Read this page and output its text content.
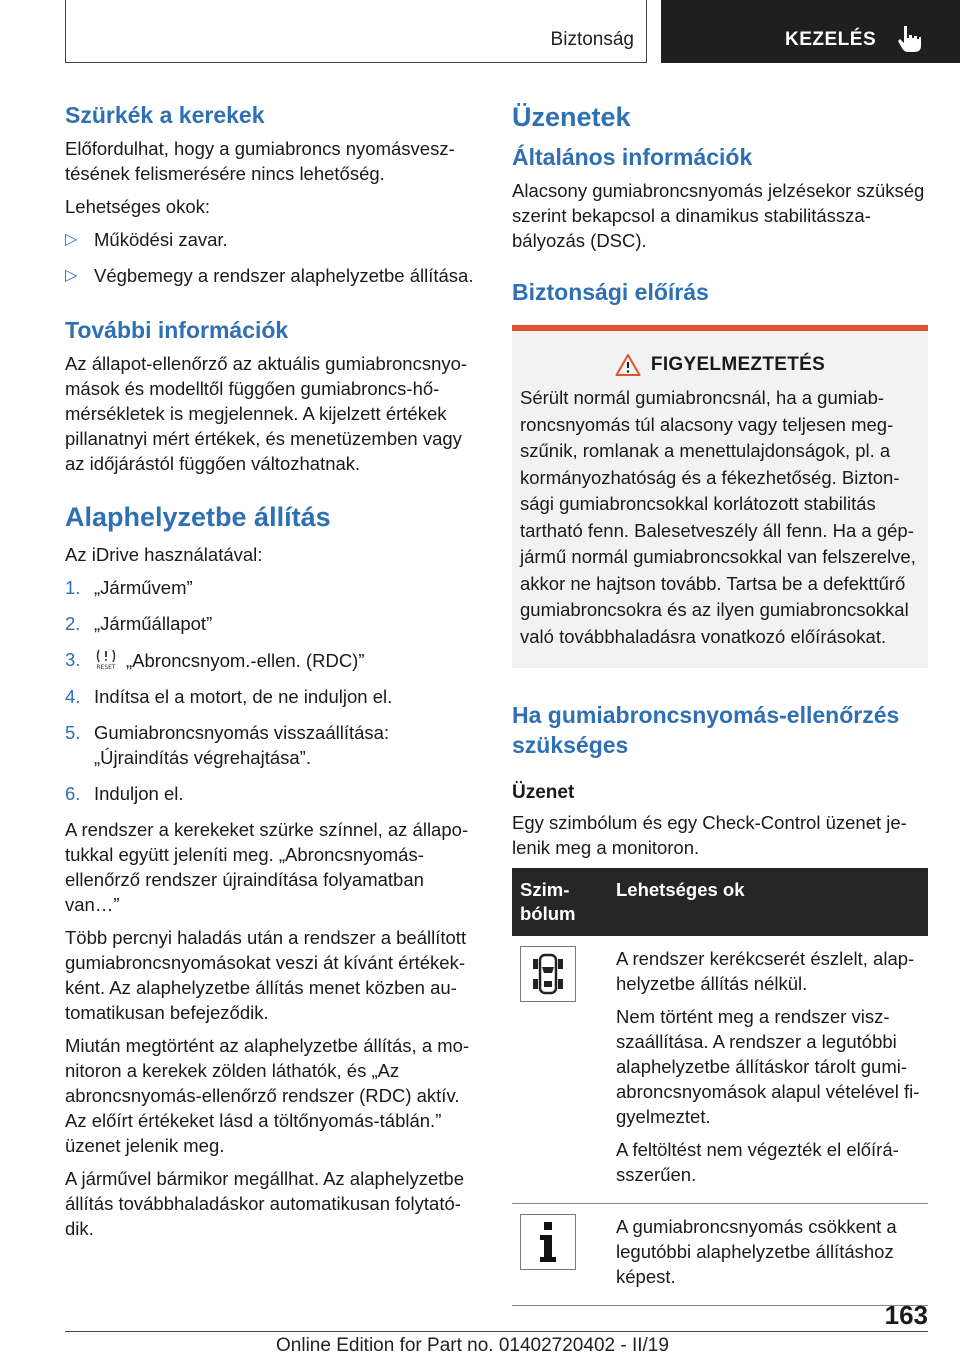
Biztonság	KEZELÉS
Szürkék a kerekek

Előfordulhat, hogy a gumiabroncs nyomásvesztésének felismerésére nincs lehetőség.

Lehetséges okok:

▷ Működési zavar.
▷ Végbemegy a rendszer alaphelyzetbe állítása.
További információk

Az állapot-ellenőrző az aktuális gumiabroncsnyomások és modelltől függően gumiabroncs-hőmérsékletek is megjelennek. A kijelzett értékek pillanatnyi mért értékek, és menetüzemben vagy az időjárástól függően változhatnak.

Alaphelyzetbe állítás

Az iDrive használatával:

1. „Járművem”
2. „Járműállapot”
3.	RESET „Abroncsnyom.-ellen. (RDC)”
4. Indítsa el a motort, de ne induljon el.
5. Gumiabroncsnyomás visszaállítása: „Újraindítás végrehajtása”.
6. Induljon el.

A rendszer a kerekeket szürke színnel, az állapotukkal együtt jeleníti meg. „Abroncsnyomás-ellenőrző rendszer újraindítása folyamatban van…”

Több percnyi haladás után a rendszer a beállított gumiabroncsnyomásokat veszi át kívánt értékekként. Az alaphelyzetbe állítás menet közben automatikusan befejeződik.

Miután megtörtént az alaphelyzetbe állítás, a monitoron a kerekek zölden láthatók, és „Az abroncsnyomás-ellenőrző rendszer (RDC) aktív. Az előírt értékeket lásd a töltőnyomás-táblán.” üzenet jelenik meg.

A járművel bármikor megállhat. Az alaphelyzetbe állítás továbbhaladáskor automatikusan folytatódik.

Üzenetek
Általános információk

Alacsony gumiabroncsnyomás jelzésekor szükség szerint bekapcsol a dinamikus stabilitásszabályozás (DSC).

Biztonsági előírás
FIGYELMEZTETÉS

Sérült normál gumiabroncsnál, ha a gumiabroncsnyomás túl alacsony vagy teljesen megszűnik, romlanak a menettulajdonságok, pl. a kormányozhatóság és a fékezhetőség. Biztonsági gumiabroncsokkal korlátozott stabilitás tartható fenn. Balesetveszély áll fenn. Ha a gépjármű normál gumiabroncsokkal van felszerelve, akkor ne hajtson tovább. Tartsa be a defekttűrő gumiabroncsokra és az ilyen gumiabroncsokkal való továbbhaladásra vonatkozó előírásokat.

Ha gumiabroncsnyomás-ellenőrzés szükséges
Üzenet

Egy szimbólum és egy Check-Control üzenet jelenik meg a monitoron.

Szimbólum	Lehetséges ok

A rendszer kerékcserét észlelt, alaphelyzetbe állítás nélkül.

Nem történt meg a rendszer viszszaállítása. A rendszer a legutóbbi alaphelyzetbe állításkor tárolt gumiabroncsnyomások alapul vételével figyelmeztet.

A feltöltést nem végezték el előírásszerűen.

A gumiabroncsnyomás csökkent a legutóbbi alaphelyzetbe állításhoz képest.

163
Online Edition for Part no. 01402720402 - II/19
